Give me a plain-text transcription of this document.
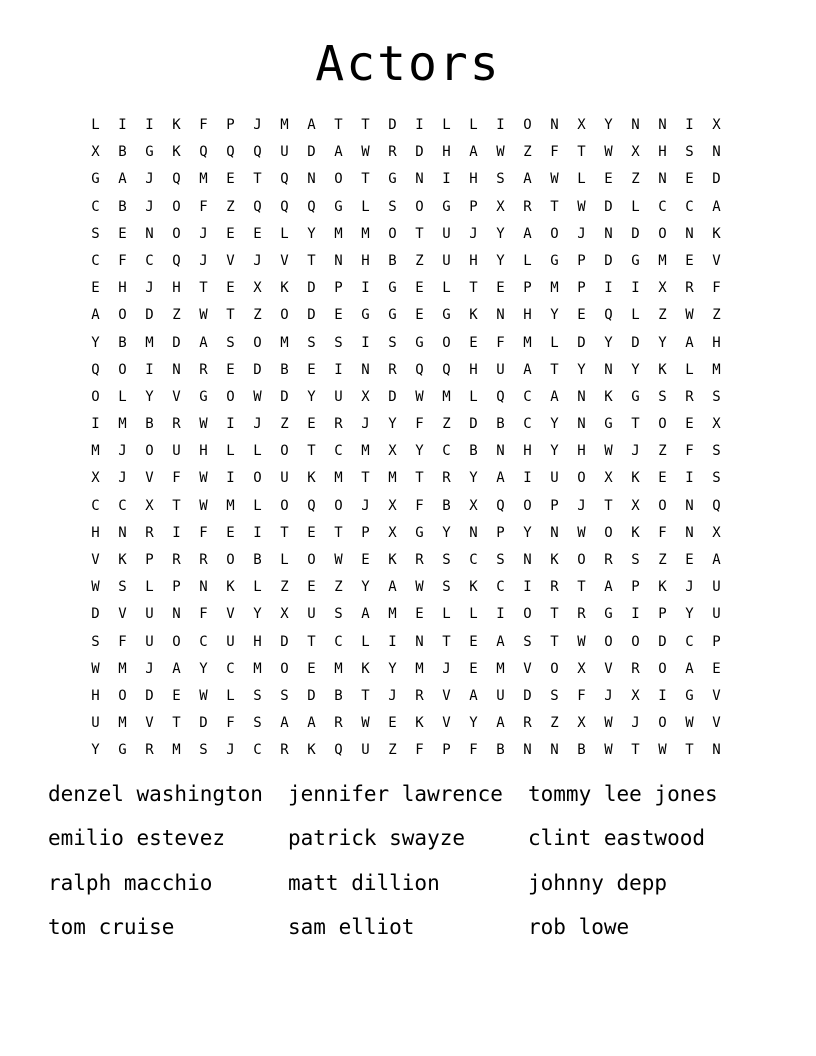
Actors
L	I	I	K	F	P	J	M	A	T	T	D	I	L	L	I	O	N	X	Y	N	N	I	X
X	B	G	K	Q	Q	Q	U	D	A	W	R	D	H	A	W	Z	F	T	W	X	H	S	N
G	A	J	Q	M	E	T	Q	N	O	T	G	N	I	H	S	A	W	L	E	Z	N	E	D
C	B	J	O	F	Z	Q	Q	Q	G	L	S	O	G	P	X	R	T	W	D	L	C	C	A
S	E	N	O	J	E	E	L	Y	M	M	O	T	U	J	Y	A	O	J	N	D	O	N	K
C	F	C	Q	J	V	J	V	T	N	H	B	Z	U	H	Y	L	G	P	D	G	M	E	V
E	H	J	H	T	E	X	K	D	P	I	G	E	L	T	E	P	M	P	I	I	X	R	F
A	O	D	Z	W	T	Z	O	D	E	G	G	E	G	K	N	H	Y	E	Q	L	Z	W	Z
Y	B	M	D	A	S	O	M	S	S	I	S	G	O	E	F	M	L	D	Y	D	Y	A	H
Q	O	I	N	R	E	D	B	E	I	N	R	Q	Q	H	U	A	T	Y	N	Y	K	L	M
O	L	Y	V	G	O	W	D	Y	U	X	D	W	M	L	Q	C	A	N	K	G	S	R	S
I	M	B	R	W	I	J	Z	E	R	J	Y	F	Z	D	B	C	Y	N	G	T	O	E	X
M	J	O	U	H	L	L	O	T	C	M	X	Y	C	B	N	H	Y	H	W	J	Z	F	S
X	J	V	F	W	I	O	U	K	M	T	M	T	R	Y	A	I	U	O	X	K	E	I	S
C	C	X	T	W	M	L	O	Q	O	J	X	F	B	X	Q	O	P	J	T	X	O	N	Q
H	N	R	I	F	E	I	T	E	T	P	X	G	Y	N	P	Y	N	W	O	K	F	N	X
V	K	P	R	R	O	B	L	O	W	E	K	R	S	C	S	N	K	O	R	S	Z	E	A
W	S	L	P	N	K	L	Z	E	Z	Y	A	W	S	K	C	I	R	T	A	P	K	J	U
D	V	U	N	F	V	Y	X	U	S	A	M	E	L	L	I	O	T	R	G	I	P	Y	U
S	F	U	O	C	U	H	D	T	C	L	I	N	T	E	A	S	T	W	O	O	D	C	P
W	M	J	A	Y	C	M	O	E	M	K	Y	M	J	E	M	V	O	X	V	R	O	A	E
H	O	D	E	W	L	S	S	D	B	T	J	R	V	A	U	D	S	F	J	X	I	G	V
U	M	V	T	D	F	S	A	A	R	W	E	K	V	Y	A	R	Z	X	W	J	O	W	V
Y	G	R	M	S	J	C	R	K	Q	U	Z	F	P	F	B	N	N	B	W	T	W	T	N
denzel washington	jennifer lawrence	tommy lee jones
emilio estevez	patrick swayze	clint eastwood
ralph macchio	matt dillion	johnny depp
tom cruise	sam elliot	rob lowe
